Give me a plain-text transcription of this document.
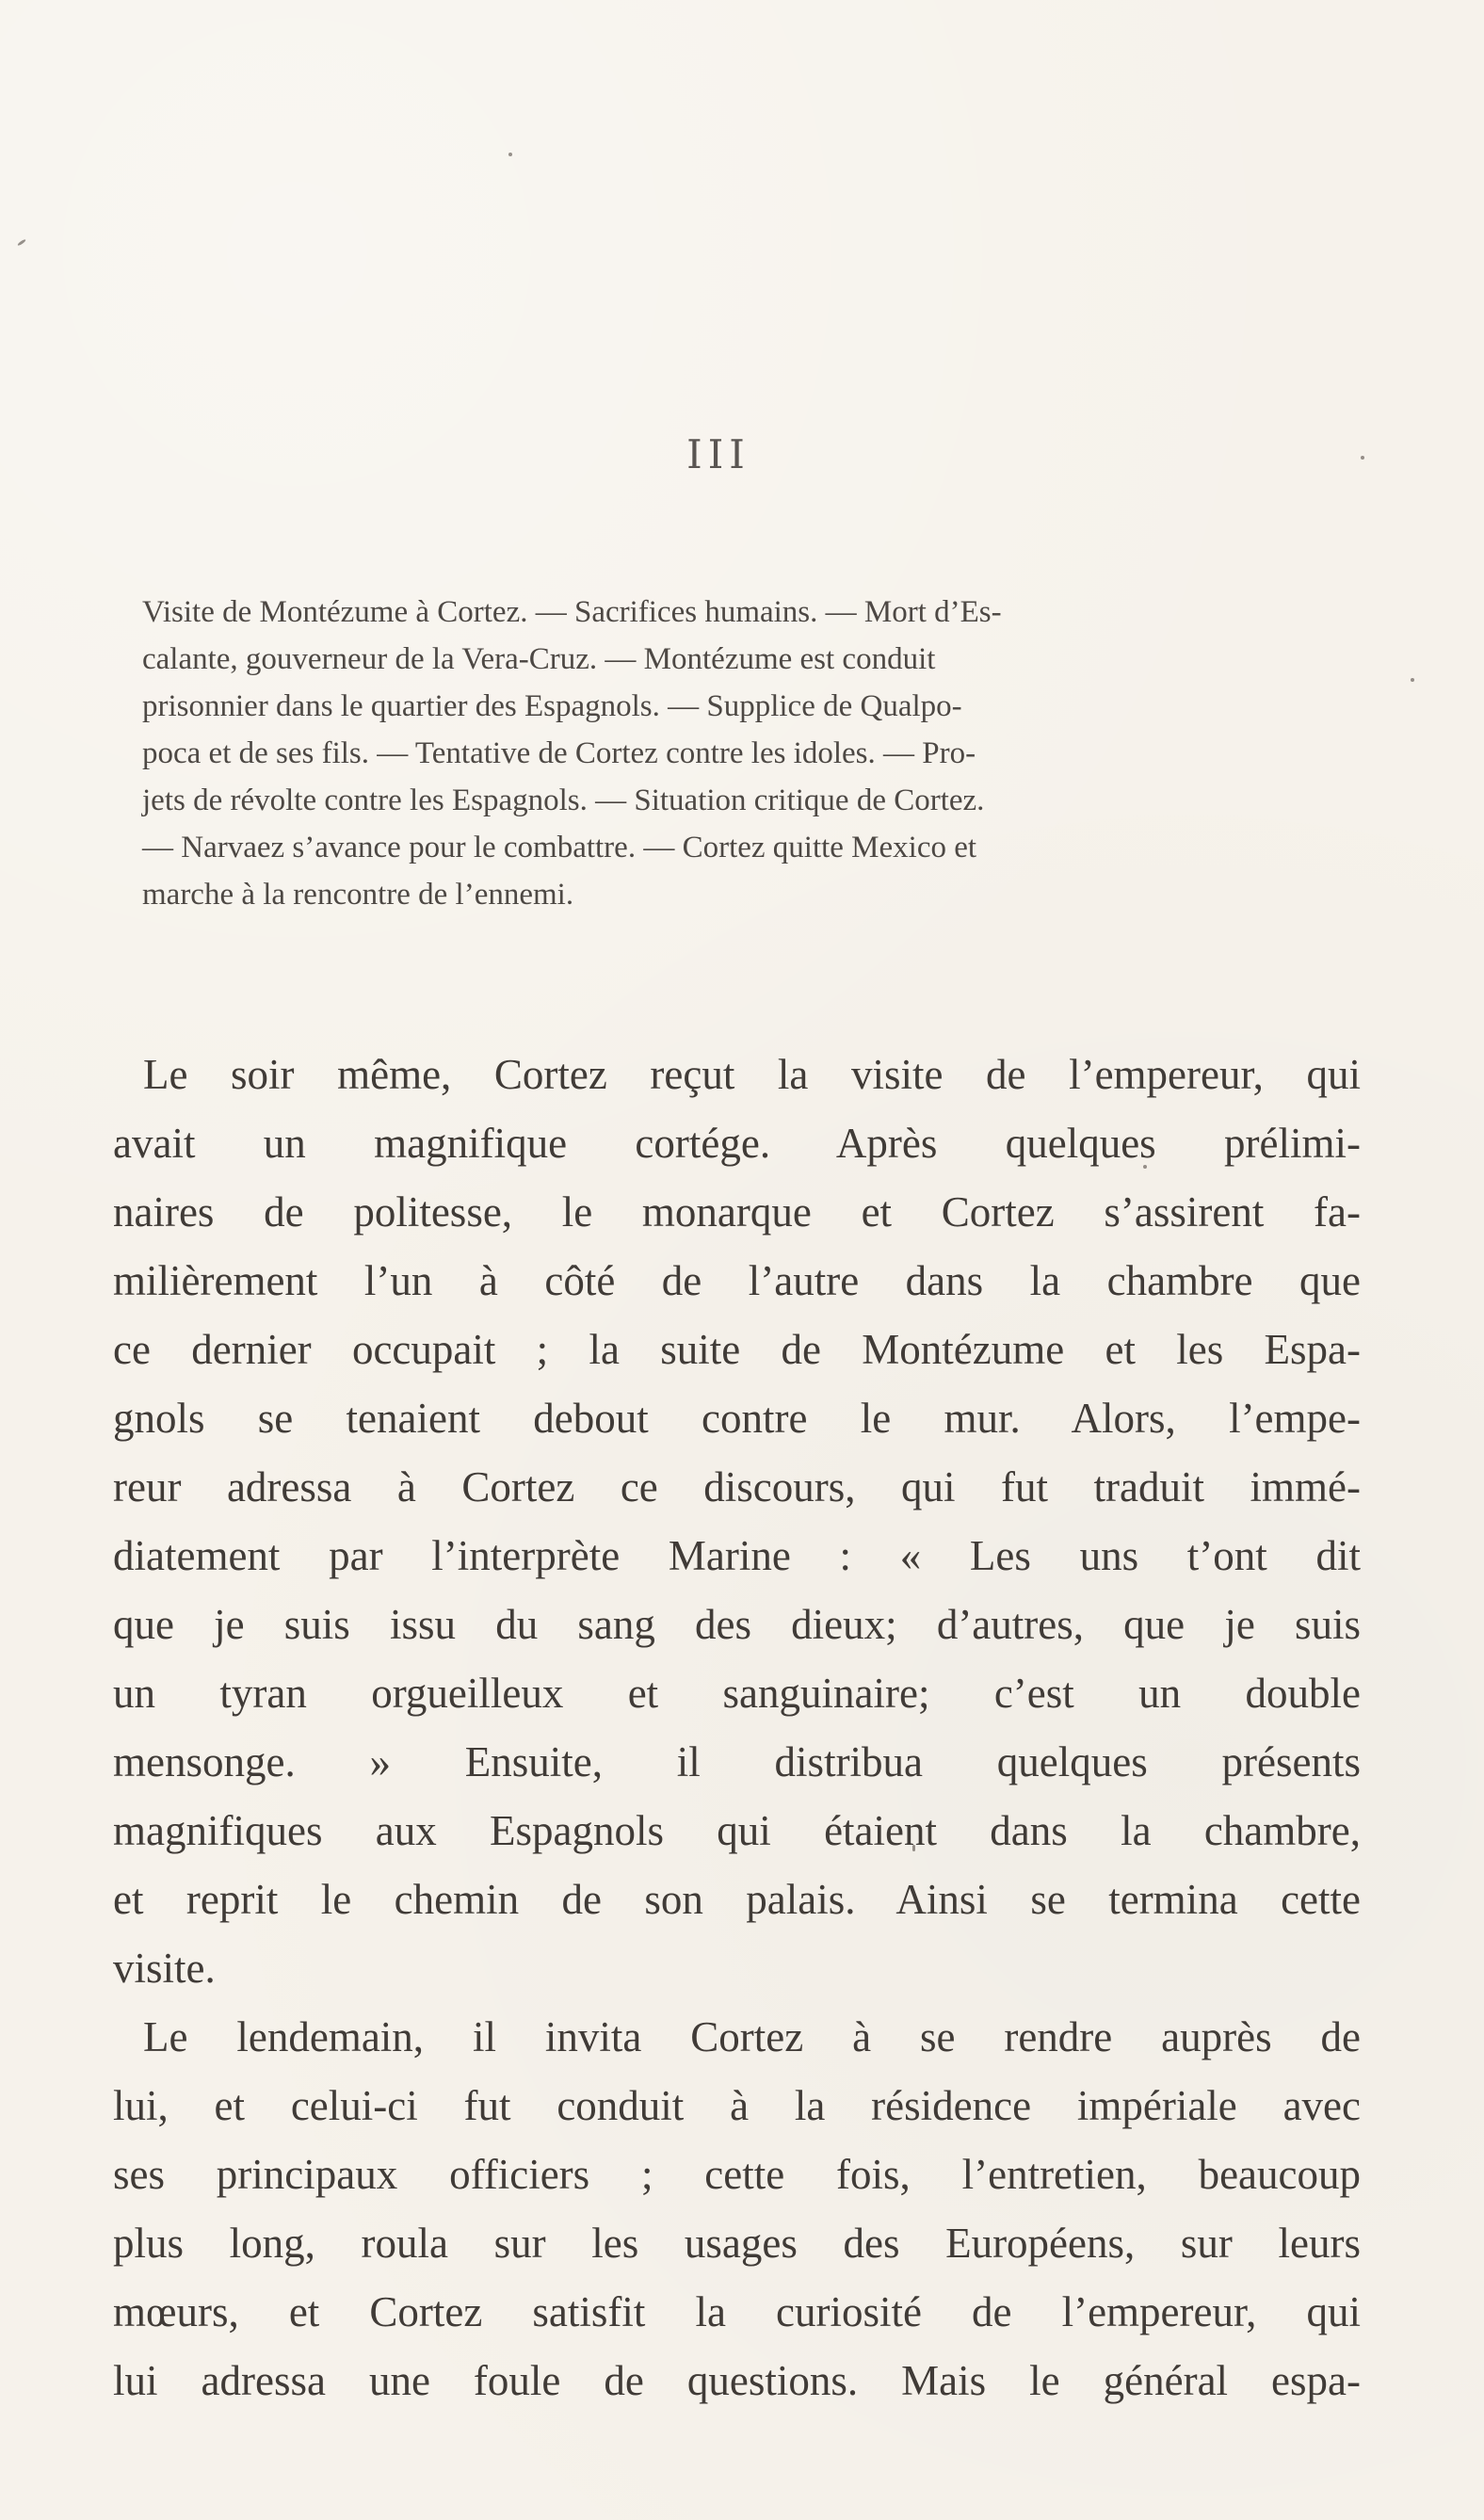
III
Visite de Montézume à Cortez. — Sacrifices humains. — Mort d’Es-
calante, gouverneur de la Vera-Cruz. — Montézume est conduit
prisonnier dans le quartier des Espagnols. — Supplice de Qualpo-
poca et de ses fils. — Tentative de Cortez contre les idoles. — Pro-
jets de révolte contre les Espagnols. — Situation critique de Cortez.
— Narvaez s’avance pour le combattre. — Cortez quitte Mexico et
marche à la rencontre de l’ennemi.
Le soir même, Cortez reçut la visite de l’empereur, qui
avait un magnifique cortége. Après quelques prélimi-
naires de politesse, le monarque et Cortez s’assirent fa-
milièrement l’un à côté de l’autre dans la chambre que
ce dernier occupait ; la suite de Montézume et les Espa-
gnols se tenaient debout contre le mur. Alors, l’empe-
reur adressa à Cortez ce discours, qui fut traduit immé-
diatement par l’interprète Marine : « Les uns t’ont dit
que je suis issu du sang des dieux; d’autres, que je suis
un tyran orgueilleux et sanguinaire; c’est un double
mensonge. » Ensuite, il distribua quelques présents
magnifiques aux Espagnols qui étaient dans la chambre,
et reprit le chemin de son palais. Ainsi se termina cette
visite.
Le lendemain, il invita Cortez à se rendre auprès de
lui, et celui-ci fut conduit à la résidence impériale avec
ses principaux officiers ; cette fois, l’entretien, beaucoup
plus long, roula sur les usages des Européens, sur leurs
mœurs, et Cortez satisfit la curiosité de l’empereur, qui
lui adressa une foule de questions. Mais le général espa-
